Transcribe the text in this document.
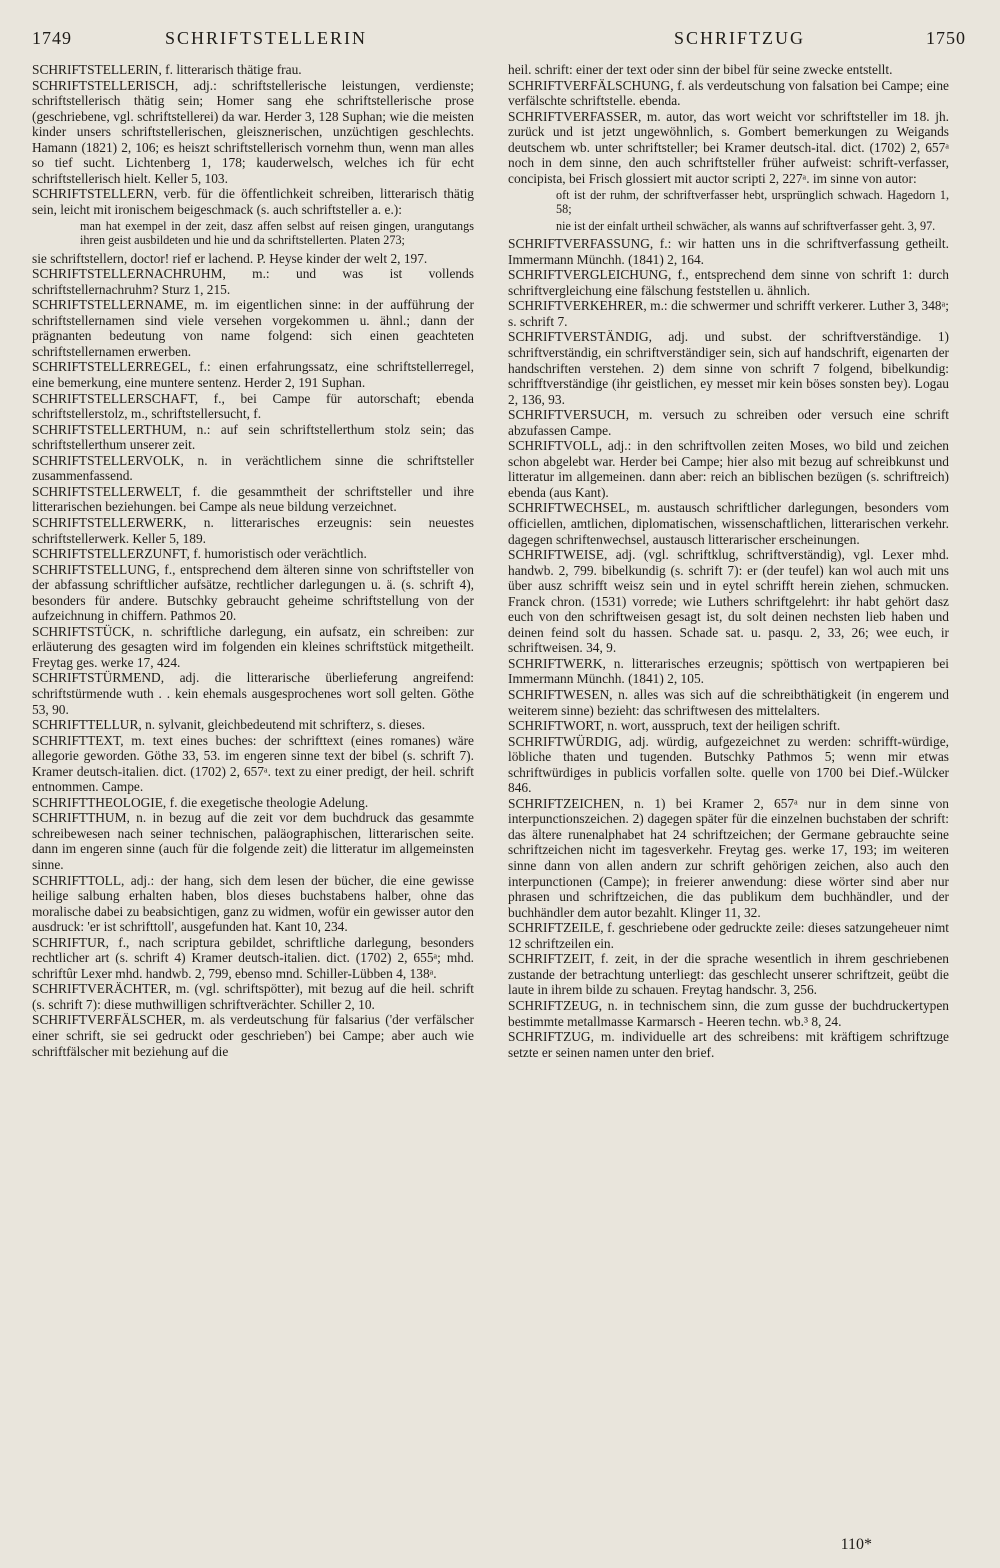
1749	SCHRIFTSTELLERIN	SCHRIFTZUG	1750

SCHRIFTSTELLERIN, f. litterarisch thätige frau.

SCHRIFTSTELLERISCH, adj.: schriftstellerische leistungen, verdienste; schriftstellerisch thätig sein; Homer sang ehe schriftstellerische prose (geschriebene, vgl. schriftstellerei) da war. Herder 3, 128 Suphan; wie die meisten kinder unsers schriftstellerischen, gleisznerischen, unzüchtigen geschlechts. Hamann (1821) 2, 106; es heiszt schriftstellerisch vornehm thun, wenn man alles so tief sucht. Lichtenberg 1, 178; kauderwelsch, welches ich für echt schriftstellerisch hielt. Keller 5, 103.

SCHRIFTSTELLERN, verb. für die öffentlichkeit schreiben, litterarisch thätig sein, leicht mit ironischem beigeschmack (s. auch schriftsteller a. e.):

man hat exempel in der zeit, dasz affen selbst auf reisen gingen, urangutangs ihren geist ausbildeten und hie und da schriftstellerten. Platen 273;

sie schriftstellern, doctor! rief er lachend. P. Heyse kinder der welt 2, 197.

SCHRIFTSTELLERNACHRUHM, m.: und was ist vollends schriftstellernachruhm? Sturz 1, 215.

SCHRIFTSTELLERNAME, m. im eigentlichen sinne: in der aufführung der schriftstellernamen sind viele versehen vorgekommen u. ähnl.; dann der prägnanten bedeutung von name folgend: sich einen geachteten schriftstellernamen erwerben.

SCHRIFTSTELLERREGEL, f.: einen erfahrungssatz, eine schriftstellerregel, eine bemerkung, eine muntere sentenz. Herder 2, 191 Suphan.

SCHRIFTSTELLERSCHAFT, f., bei Campe für autorschaft; ebenda schriftstellerstolz, m., schriftstellersucht, f.

SCHRIFTSTELLERTHUM, n.: auf sein schriftstellerthum stolz sein; das schriftstellerthum unserer zeit.

SCHRIFTSTELLERVOLK, n. in verächtlichem sinne die schriftsteller zusammenfassend.

SCHRIFTSTELLERWELT, f. die gesammtheit der schriftsteller und ihre litterarischen beziehungen. bei Campe als neue bildung verzeichnet.

SCHRIFTSTELLERWERK, n. litterarisches erzeugnis: sein neuestes schriftstellerwerk. Keller 5, 189.

SCHRIFTSTELLERZUNFT, f. humoristisch oder verächtlich.

SCHRIFTSTELLUNG, f., entsprechend dem älteren sinne von schriftsteller von der abfassung schriftlicher aufsätze, rechtlicher darlegungen u. ä. (s. schrift 4), besonders für andere. Butschky gebraucht geheime schriftstellung von der aufzeichnung in chiffern. Pathmos 20.

SCHRIFTSTÜCK, n. schriftliche darlegung, ein aufsatz, ein schreiben: zur erläuterung des gesagten wird im folgenden ein kleines schriftstück mitgetheilt. Freytag ges. werke 17, 424.

SCHRIFTSTÜRMEND, adj. die litterarische überlieferung angreifend: schriftstürmende wuth . . kein ehemals ausgesprochenes wort soll gelten. Göthe 53, 90.

SCHRIFTTELLUR, n. sylvanit, gleichbedeutend mit schrifterz, s. dieses.

SCHRIFTTEXT, m. text eines buches: der schrifttext (eines romanes) wäre allegorie geworden. Göthe 33, 53. im engeren sinne text der bibel (s. schrift 7). Kramer deutsch-italien. dict. (1702) 2, 657ᵃ. text zu einer predigt, der heil. schrift entnommen. Campe.

SCHRIFTTHEOLOGIE, f. die exegetische theologie Adelung.

SCHRIFTTHUM, n. in bezug auf die zeit vor dem buchdruck das gesammte schreibewesen nach seiner technischen, paläographischen, litterarischen seite. dann im engeren sinne (auch für die folgende zeit) die litteratur im allgemeinsten sinne.

SCHRIFTTOLL, adj.: der hang, sich dem lesen der bücher, die eine gewisse heilige salbung erhalten haben, blos dieses buchstabens halber, ohne das moralische dabei zu beabsichtigen, ganz zu widmen, wofür ein gewisser autor den ausdruck: 'er ist schrifttoll', ausgefunden hat. Kant 10, 234.

SCHRIFTUR, f., nach scriptura gebildet, schriftliche darlegung, besonders rechtlicher art (s. schrift 4) Kramer deutsch-italien. dict. (1702) 2, 655ᵃ; mhd. schriftûr Lexer mhd. handwb. 2, 799, ebenso mnd. Schiller-Lübben 4, 138ᵃ.

SCHRIFTVERÄCHTER, m. (vgl. schriftspötter), mit bezug auf die heil. schrift (s. schrift 7): diese muthwilligen schriftverächter. Schiller 2, 10.

SCHRIFTVERFÄLSCHER, m. als verdeutschung für falsarius ('der verfälscher einer schrift, sie sei gedruckt oder geschrieben') bei Campe; aber auch wie schriftfälscher mit beziehung auf die

heil. schrift: einer der text oder sinn der bibel für seine zwecke entstellt.

SCHRIFTVERFÄLSCHUNG, f. als verdeutschung von falsation bei Campe; eine verfälschte schriftstelle. ebenda.

SCHRIFTVERFASSER, m. autor, das wort weicht vor schriftsteller im 18. jh. zurück und ist jetzt ungewöhnlich, s. Gombert bemerkungen zu Weigands deutschem wb. unter schriftsteller; bei Kramer deutsch-ital. dict. (1702) 2, 657ᵃ noch in dem sinne, den auch schriftsteller früher aufweist: schrift-verfasser, concipista, bei Frisch glossiert mit auctor scripti 2, 227ᵃ. im sinne von autor:

oft ist der ruhm, der schriftverfasser hebt, ursprünglich schwach. Hagedorn 1, 58;

nie ist der einfalt urtheil schwächer, als wanns auf schriftverfasser geht. 3, 97.

SCHRIFTVERFASSUNG, f.: wir hatten uns in die schriftverfassung getheilt. Immermann Münchh. (1841) 2, 164.

SCHRIFTVERGLEICHUNG, f., entsprechend dem sinne von schrift 1: durch schriftvergleichung eine fälschung feststellen u. ähnlich.

SCHRIFTVERKEHRER, m.: die schwermer und schrifft verkerer. Luther 3, 348ᵃ; s. schrift 7.

SCHRIFTVERSTÄNDIG, adj. und subst. der schriftverständige. 1) schriftverständig, ein schriftverständiger sein, sich auf handschrift, eigenarten der handschriften verstehen. 2) dem sinne von schrift 7 folgend, bibelkundig: schrifftverständige (ihr geistlichen, ey messet mir kein böses sonsten bey). Logau 2, 136, 93.

SCHRIFTVERSUCH, m. versuch zu schreiben oder versuch eine schrift abzufassen Campe.

SCHRIFTVOLL, adj.: in den schriftvollen zeiten Moses, wo bild und zeichen schon abgelebt war. Herder bei Campe; hier also mit bezug auf schreibkunst und litteratur im allgemeinen. dann aber: reich an biblischen bezügen (s. schriftreich) ebenda (aus Kant).

SCHRIFTWECHSEL, m. austausch schriftlicher darlegungen, besonders vom officiellen, amtlichen, diplomatischen, wissenschaftlichen, litterarischen verkehr. dagegen schriftenwechsel, austausch litterarischer erscheinungen.

SCHRIFTWEISE, adj. (vgl. schriftklug, schriftverständig), vgl. Lexer mhd. handwb. 2, 799. bibelkundig (s. schrift 7): er (der teufel) kan wol auch mit uns über ausz schrifft weisz sein und in eytel schrifft herein ziehen, schmucken. Franck chron. (1531) vorrede; wie Luthers schriftgelehrt: ihr habt gehört dasz euch von den schriftweisen gesagt ist, du solt deinen nechsten lieb haben und deinen feind solt du hassen. Schade sat. u. pasqu. 2, 33, 26; wee euch, ir schriftweisen. 34, 9.

SCHRIFTWERK, n. litterarisches erzeugnis; spöttisch von wertpapieren bei Immermann Münchh. (1841) 2, 105.

SCHRIFTWESEN, n. alles was sich auf die schreibthätigkeit (in engerem und weiterem sinne) bezieht: das schriftwesen des mittelalters.

SCHRIFTWORT, n. wort, ausspruch, text der heiligen schrift.

SCHRIFTWÜRDIG, adj. würdig, aufgezeichnet zu werden: schrifft-würdige, löbliche thaten und tugenden. Butschky Pathmos 5; wenn mir etwas schriftwürdiges in publicis vorfallen solte. quelle von 1700 bei Dief.-Wülcker 846.

SCHRIFTZEICHEN, n. 1) bei Kramer 2, 657ᵃ nur in dem sinne von interpunctionszeichen. 2) dagegen später für die einzelnen buchstaben der schrift: das ältere runenalphabet hat 24 schriftzeichen; der Germane gebrauchte seine schriftzeichen nicht im tagesverkehr. Freytag ges. werke 17, 193; im weiteren sinne dann von allen andern zur schrift gehörigen zeichen, also auch den interpunctionen (Campe); in freierer anwendung: diese wörter sind aber nur phrasen und schriftzeichen, die das publikum dem buchhändler, und der buchhändler dem autor bezahlt. Klinger 11, 32.

SCHRIFTZEILE, f. geschriebene oder gedruckte zeile: dieses satzungeheuer nimt 12 schriftzeilen ein.

SCHRIFTZEIT, f. zeit, in der die sprache wesentlich in ihrem geschriebenen zustande der betrachtung unterliegt: das geschlecht unserer schriftzeit, geübt die laute in ihrem bilde zu schauen. Freytag handschr. 3, 256.

SCHRIFTZEUG, n. in technischem sinn, die zum gusse der buchdruckertypen bestimmte metallmasse Karmarsch - Heeren techn. wb.³ 8, 24.

SCHRIFTZUG, m. individuelle art des schreibens: mit kräftigem schriftzuge setzte er seinen namen unter den brief.

110*
